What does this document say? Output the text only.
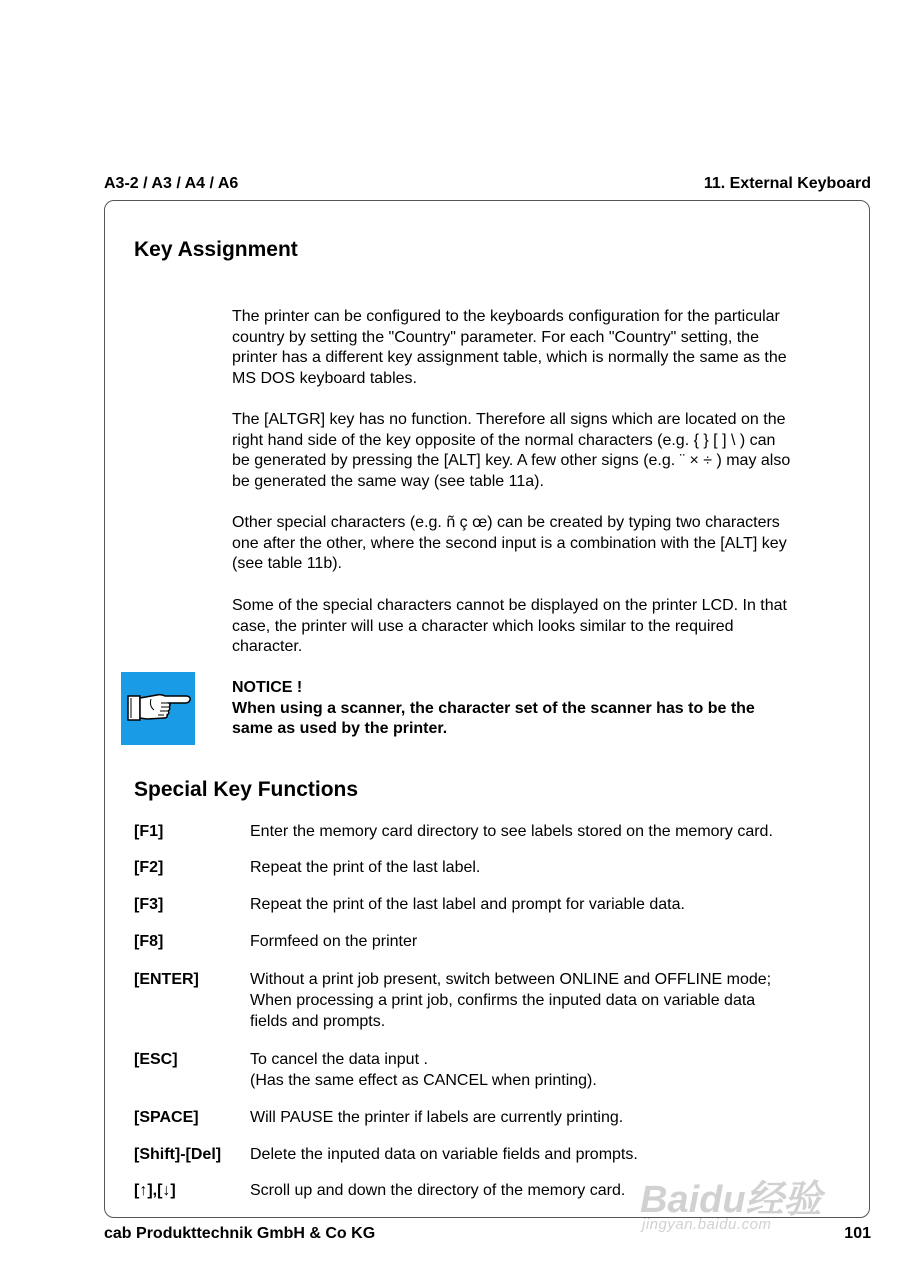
A3-2 / A3 / A4 / A6	11. External Keyboard
Key Assignment

The printer can be configured to the keyboards configuration for the particular
country by setting the "Country" parameter. For each "Country" setting, the
printer has a different key assignment table, which is normally the same as the
MS DOS keyboard tables.

The [ALTGR] key has no function. Therefore all signs which are located on the
right hand side of the key opposite of the normal characters (e.g. { } [ ] \ ) can
be generated by pressing the [ALT] key. A few other signs (e.g. ¨ × ÷ ) may also
be generated the same way (see table 11a).

Other special characters (e.g. ñ ç œ) can be created by typing two characters
one after the other, where the second input is a combination with the [ALT] key
(see table 11b).

Some of the special characters cannot be displayed on the printer LCD. In that
case, the printer will use a character which looks similar to the required
character.

NOTICE !
When using a scanner, the character set of the scanner has to be the
same as used by the printer.

Special Key Functions
[F1]	Enter the memory card directory to see labels stored on the memory card.
[F2]	Repeat the print of the last label.
[F3]	Repeat the print of the last label and prompt for variable data.
[F8]	Formfeed on the printer
[ENTER]	Without a print job present, switch between ONLINE and OFFLINE mode;
When processing a print job, confirms the inputed data on variable data
fields and prompts.
[ESC]	To cancel the data input .
(Has the same effect as CANCEL when printing).
[SPACE]	Will PAUSE the printer if labels are currently printing.
[Shift]-[Del] Delete the inputed data on variable fields and prompts.
[↑],[↓]	Scroll up and down the directory of the memory card. Baidu经验
jingyan.baidu.com
cab Produkttechnik GmbH & Co KG	101
